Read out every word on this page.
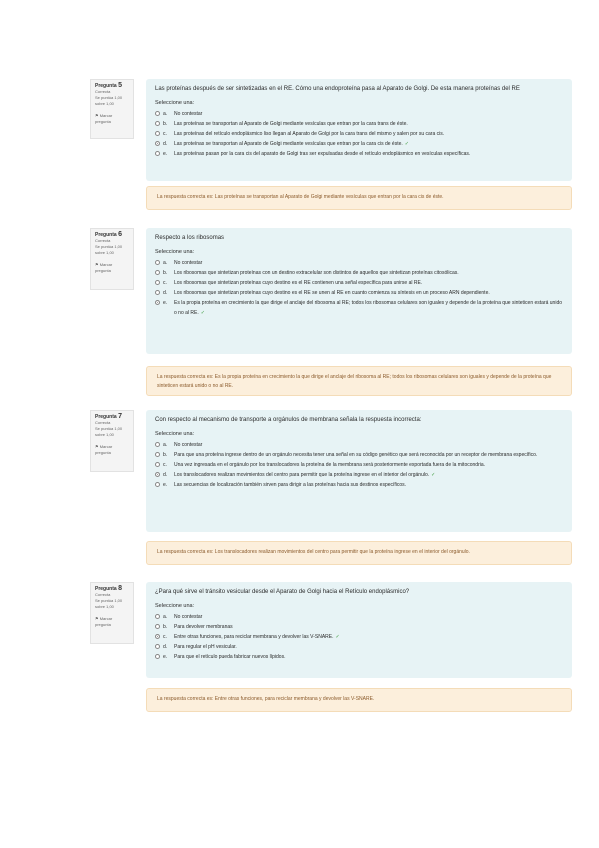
Pregunta 5
Correcta
Se puntúa 1,00 sobre 1,00
⚑ Marcar pregunta

Las proteínas después de ser sintetizadas en el RE. Cómo una endoproteína pasa al Aparato de Golgi. De esta manera proteínas del RE

Seleccione una:

a.	No contestar
b.	Las proteínas se transportan al Aparato de Golgi mediante vesículas que entran por la cara trans de éste.
c.	Las proteínas del retículo endoplásmico liso llegan al Aparato de Golgi por la cara trans del mismo y salen por su cara cis.
d.	Las proteínas se transportan al Aparato de Golgi mediante vesículas que entran por la cara cis de éste. ✓
e.	Las proteínas pasan por la cara cis del aparato de Golgi tras ser expulsadas desde el retículo endoplásmico en vesículas específicas.
La respuesta correcta es: Las proteínas se transportan al Aparato de Golgi mediante vesículas que entran por la cara cis de éste.
Pregunta 6
Correcta
Se puntúa 1,00 sobre 1,00
⚑ Marcar pregunta

Respecto a los ribosomas

Seleccione una:

a.	No contestar
b.	Los ribosomas que sintetizan proteínas con un destino extracelular son distintos de aquellos que sintetizan proteínas citosólicas.
c.	Los ribosomas que sintetizan proteínas cuyo destino es el RE contienen una señal específica para unirse al RE.
d.	Los ribosomas que sintetizan proteínas cuyo destino es el RE se unen al RE en cuanto comienza su síntesis en un proceso ARN dependiente.
e.	Es la propia proteína en crecimiento la que dirige el anclaje del ribosoma al RE; todos los ribosomas celulares son iguales y depende de la proteína que sinteticen estará unido o no al RE. ✓
La respuesta correcta es: Es la propia proteína en crecimiento la que dirige el anclaje del ribosoma al RE; todos los ribosomas celulares son iguales y depende de la proteína que sinteticen estará unido o no al RE.
Pregunta 7
Correcta
Se puntúa 1,00 sobre 1,00
⚑ Marcar pregunta

Con respecto al mecanismo de transporte a orgánulos de membrana señala la respuesta incorrecta:

Seleccione una:

a.	No contestar
b.	Para que una proteína ingrese dentro de un orgánulo necesita tener una señal en su código genético que será reconocida por un receptor de membrana específico.
c.	Una vez ingresada en el orgánulo por los translocadores la proteína de la membrana será posteriormente exportada fuera de la mitocondria.
d.	Los translocadores realizan movimientos del centro para permitir que la proteína ingrese en el interior del orgánulo. ✓
e.	Las secuencias de localización también sirven para dirigir a las proteínas hacia sus destinos específicos.
La respuesta correcta es: Los translocadores realizan movimientos del centro para permitir que la proteína ingrese en el interior del orgánulo.
Pregunta 8
Correcta
Se puntúa 1,00 sobre 1,00
⚑ Marcar pregunta

¿Para qué sirve el tránsito vesicular desde el Aparato de Golgi hacia el Retículo endoplásmico?

Seleccione una:

a.	No contestar
b.	Para devolver membranas
c.	Entre otras funciones, para reciclar membrana y devolver las V-SNARE. ✓
d.	Para regular el pH vesicular.
e.	Para que el retículo pueda fabricar nuevos lípidos.
La respuesta correcta es: Entre otras funciones, para reciclar membrana y devolver las V-SNARE.
